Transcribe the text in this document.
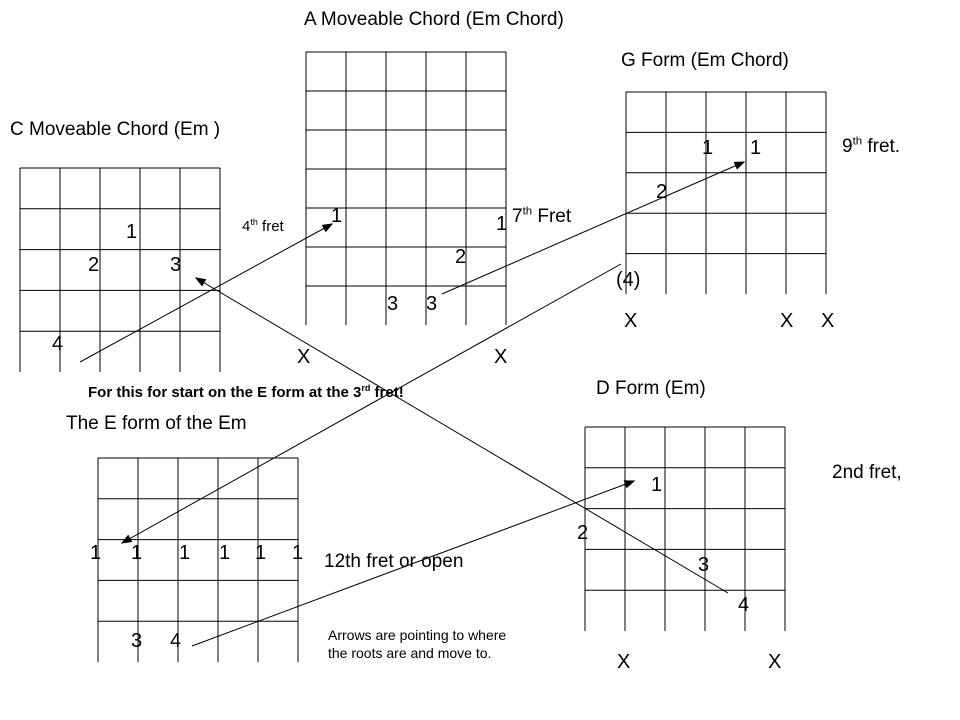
A Moveable Chord (Em Chord)
G Form (Em Chord)
C Moveable Chord (Em )
D Form (Em)
The E form of the Em
9th fret.
7th Fret
4th fret
2nd fret,
12th fret or open
For this for start on the E form at the 3rd fret!
Arrows are pointing to where
the roots are and move to.
1
2	3
4
1	1
2
3 3
X	X
1 1
2
(4)
X	X X
1 1 1 1 1 1
3 4
1
2
3
4
X	X
